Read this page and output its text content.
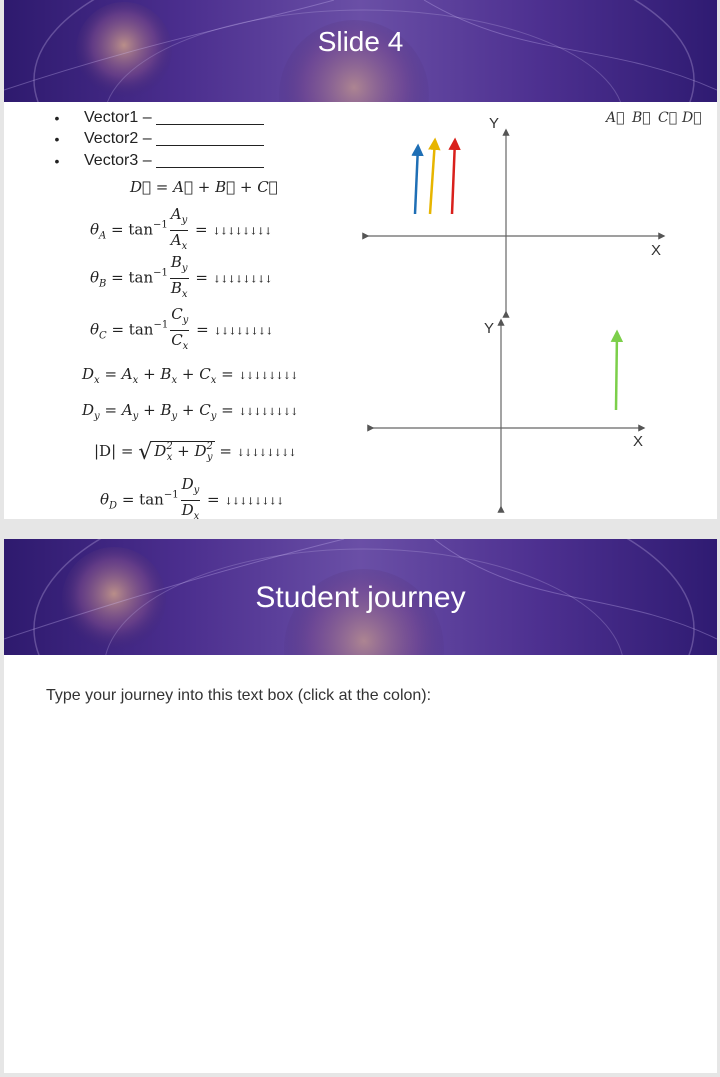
Slide 4
• Vector1 –
• Vector2 –
• Vector3 –
D⃗ = A⃗ + B⃗ + C⃗
$\theta_A = \tan^{-1} \frac{A_y}{A_x}$ = ↓↓↓↓↓↓↓↓
$\theta_B = \tan^{-1} \frac{B_y}{B_x}$ = ↓↓↓↓↓↓↓↓
$\theta_C = \tan^{-1} \frac{C_y}{C_x}$ = ↓↓↓↓↓↓↓↓
$D_x = A_x + B_x + C_x$ = ↓↓↓↓↓↓↓↓
$D_y = A_y + B_y + C_y$ = ↓↓↓↓↓↓↓↓
|D| = √ $D^2_x + D^2_y$ = ↓↓↓↓↓↓↓↓
$\theta_D = \tan^{-1} \frac{D_y}{D_x}$ = ↓↓↓↓↓↓↓↓
Y
X
Y
X
A⃗ B⃗ C⃗ D⃗
Student journey
Type your journey into this text box (click at the colon):
